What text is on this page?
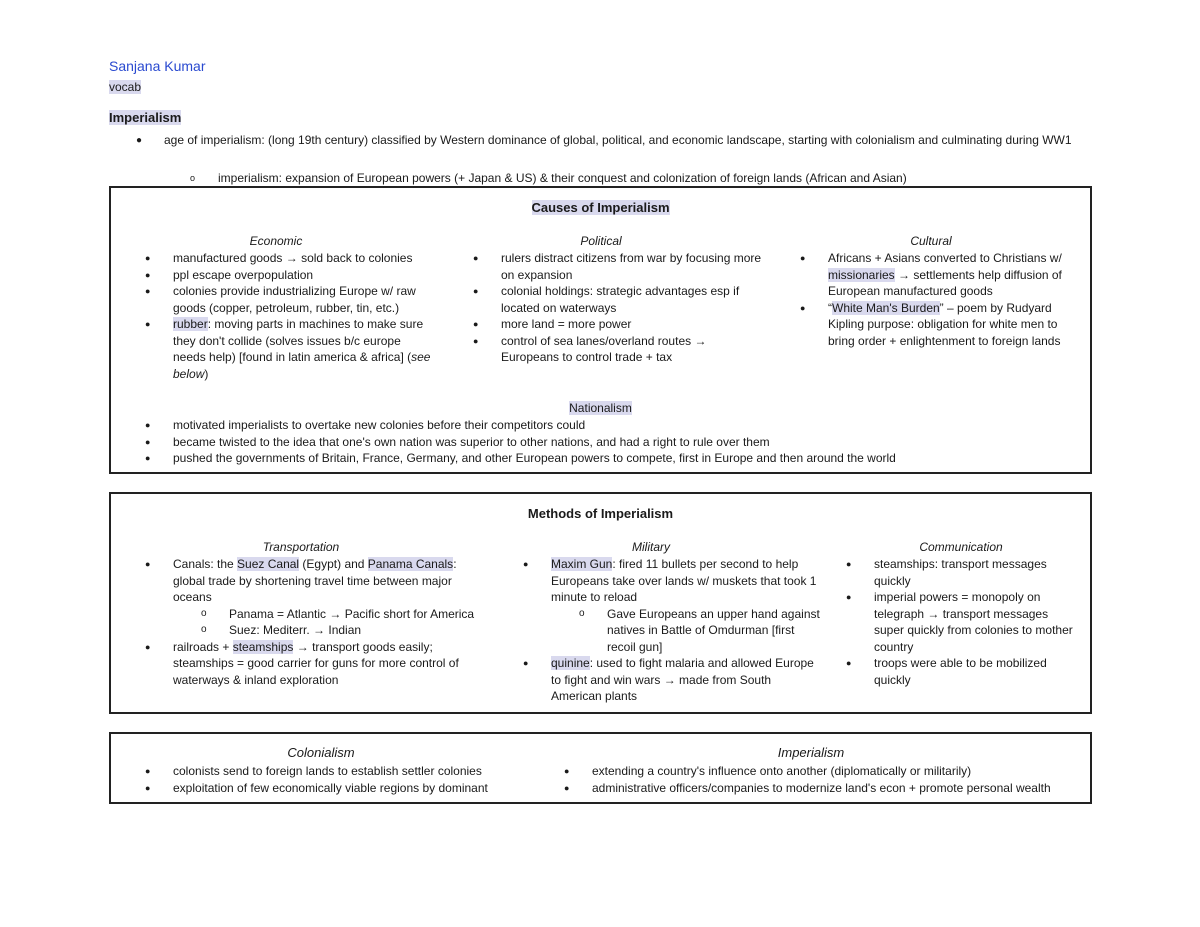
Sanjana Kumar
vocab
Imperialism
●	age of imperialism: (long 19th century) classified by Western dominance of global, political, and economic landscape, starting with colonialism and culminating during WW1
o	imperialism: expansion of European powers (+ Japan & US) & their conquest and colonization of foreign lands (African and Asian)
Causes of Imperialism
Economic
● manufactured goods → sold back to colonies
● ppl escape overpopulation
● colonies provide industrializing Europe w/ raw goods (copper, petroleum, rubber, tin, etc.)
● rubber: moving parts in machines to make sure they don't collide (solves issues b/c europe needs help) [found in latin america & africa] (see below)
Political
● rulers distract citizens from war by focusing more on expansion
● colonial holdings: strategic advantages esp if located on waterways
● more land = more power
● control of sea lanes/overland routes → Europeans to control trade + tax
Cultural
● Africans + Asians converted to Christians w/ missionaries → settlements help diffusion of European manufactured goods
● “White Man's Burden” – poem by Rudyard Kipling purpose: obligation for white men to bring order + enlightenment to foreign lands
Nationalism
● motivated imperialists to overtake new colonies before their competitors could
● became twisted to the idea that one's own nation was superior to other nations, and had a right to rule over them
● pushed the governments of Britain, France, Germany, and other European powers to compete, first in Europe and then around the world
Methods of Imperialism
Transportation
● Canals: the Suez Canal (Egypt) and Panama Canals: global trade by shortening travel time between major oceans
o Panama = Atlantic → Pacific short for America
o Suez: Mediterr. → Indian
● railroads + steamships → transport goods easily; steamships = good carrier for guns for more control of waterways & inland exploration
Military
● Maxim Gun: fired 11 bullets per second to help Europeans take over lands w/ muskets that took 1 minute to reload
o Gave Europeans an upper hand against natives in Battle of Omdurman [first recoil gun]
● quinine: used to fight malaria and allowed Europe to fight and win wars → made from South American plants
Communication
● steamships: transport messages quickly
● imperial powers = monopoly on telegraph → transport messages super quickly from colonies to mother country
● troops were able to be mobilized quickly
Colonialism
● colonists send to foreign lands to establish settler colonies
● exploitation of few economically viable regions by dominant
Imperialism
● extending a country's influence onto another (diplomatically or militarily)
● administrative officers/companies to modernize land's econ + promote personal wealth
